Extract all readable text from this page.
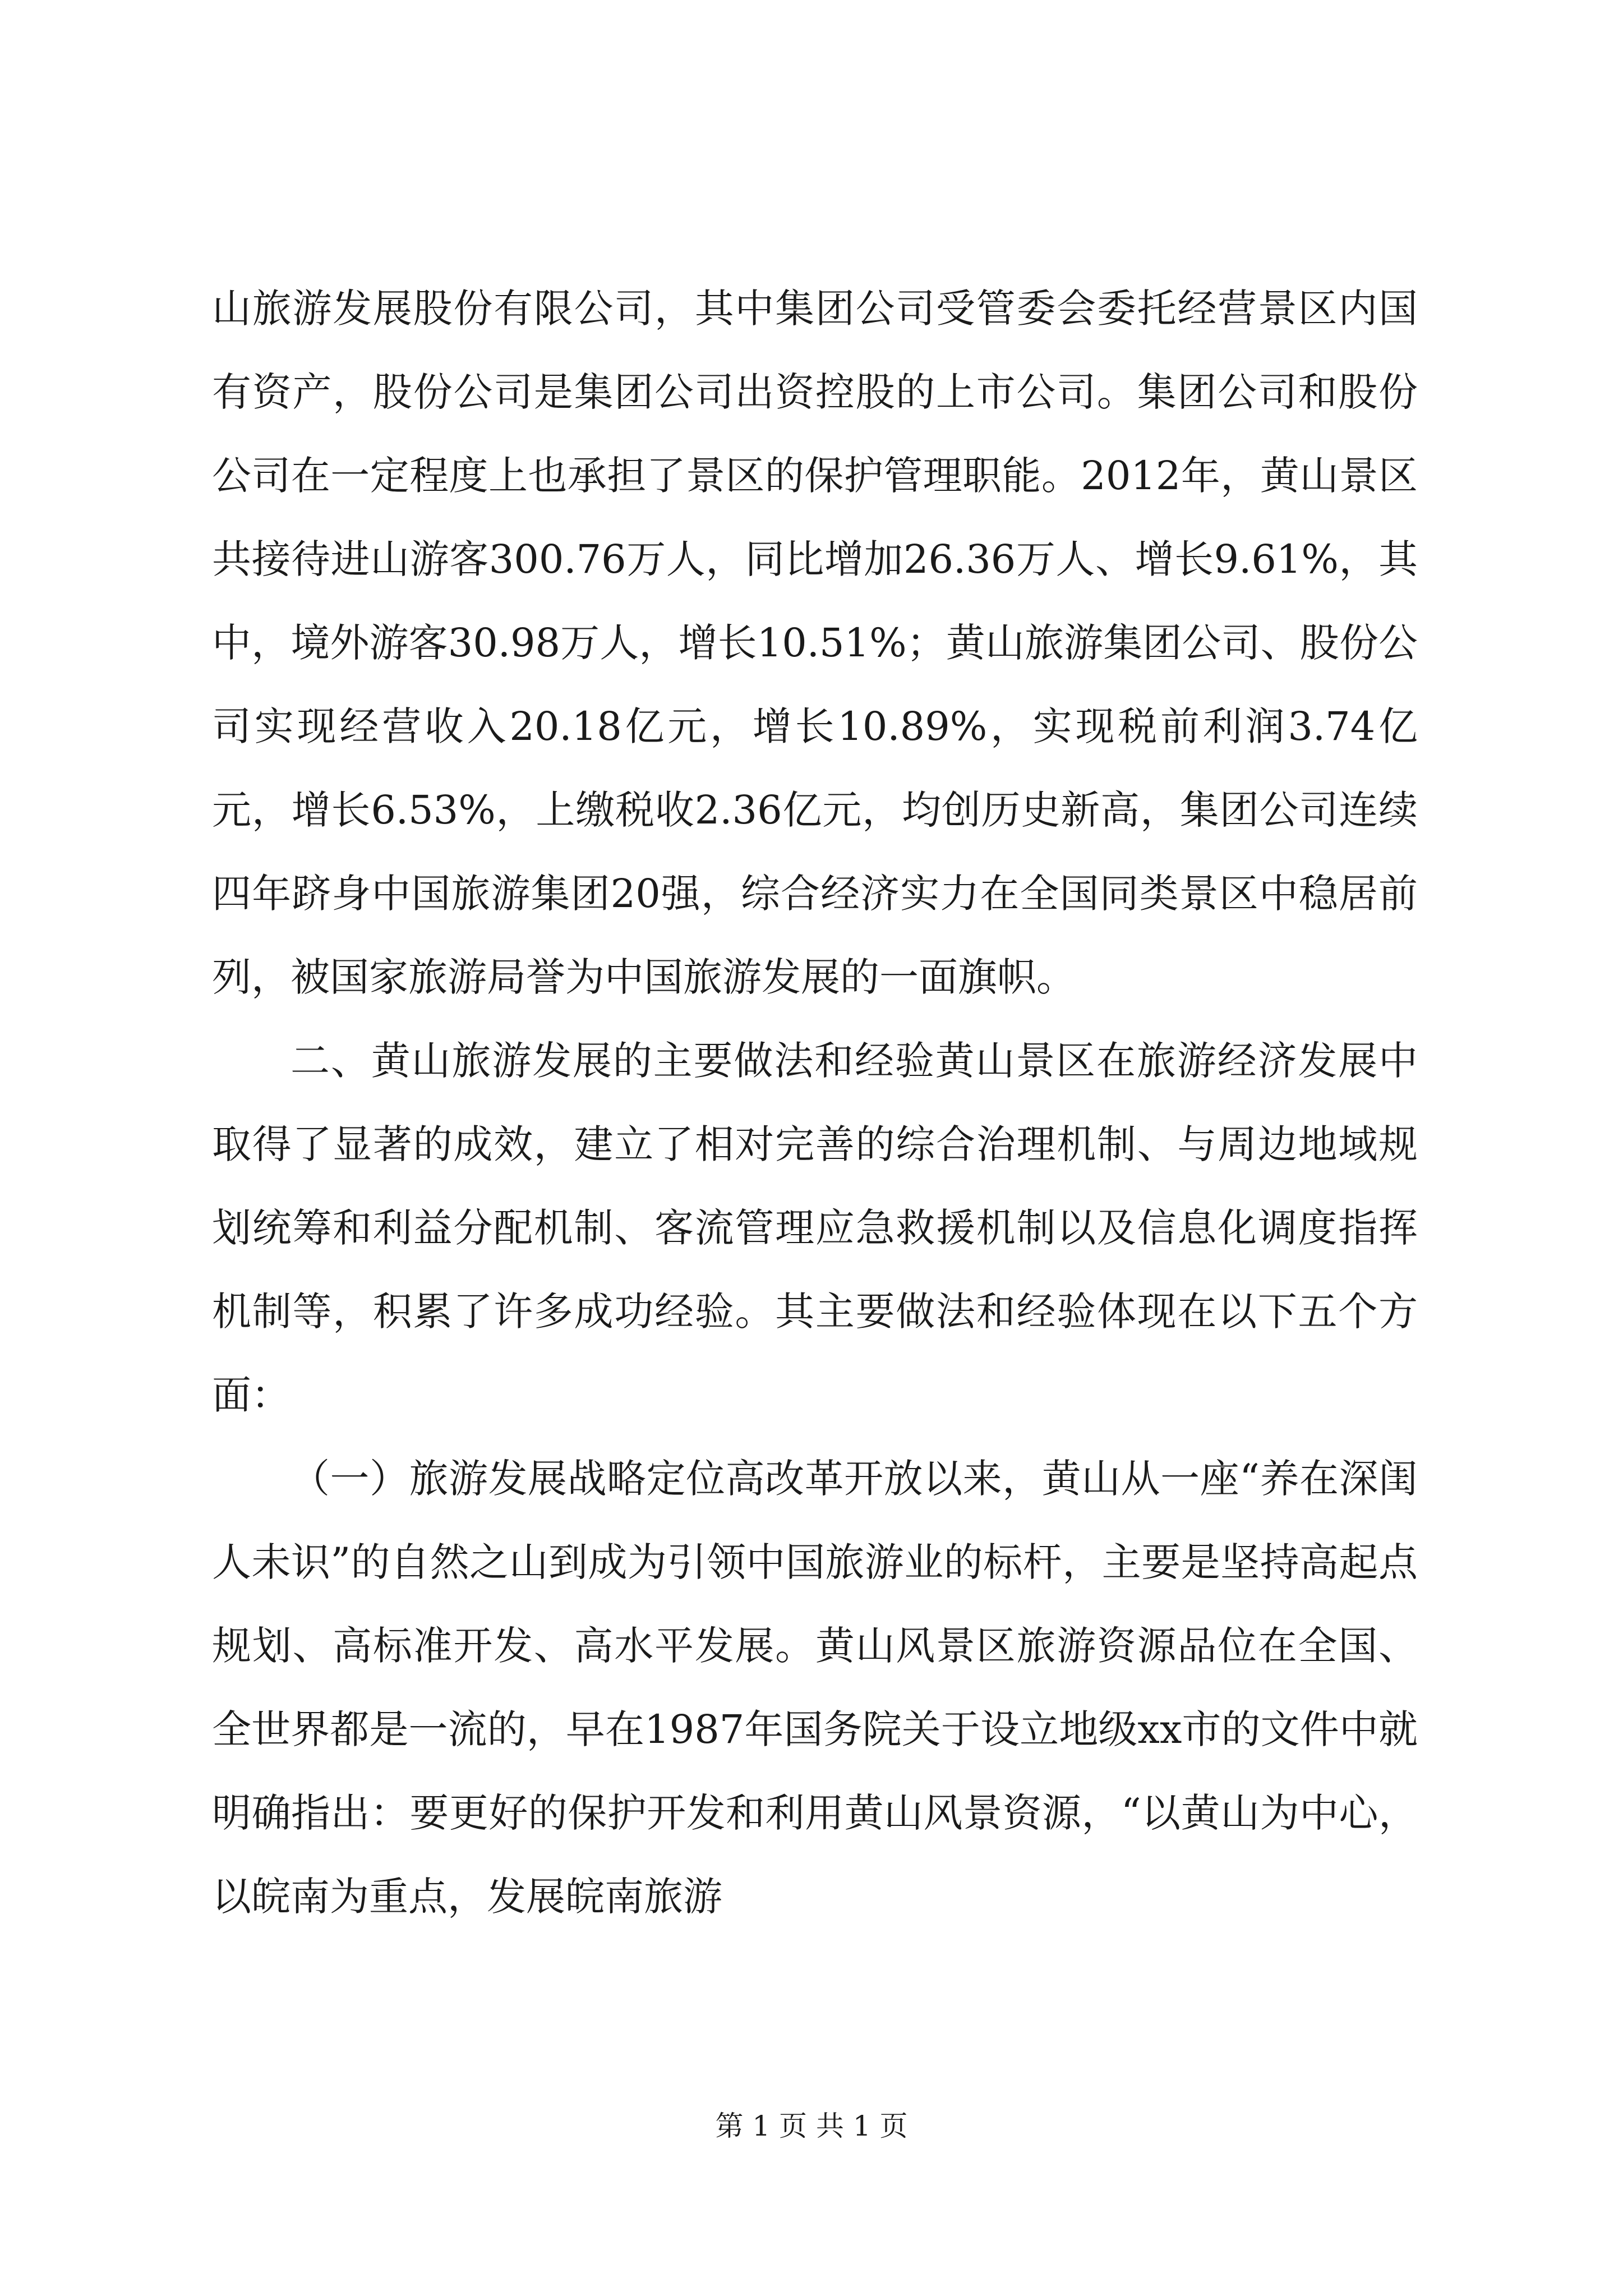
山旅游发展股份有限公司，其中集团公司受管委会委托经营景区内国有资产，股份公司是集团公司出资控股的上市公司。集团公司和股份公司在一定程度上也承担了景区的保护管理职能。2012年，黄山景区共接待进山游客300.76万人，同比增加26.36万人、增长9.61%，其中，境外游客30.98万人，增长10.51%；黄山旅游集团公司、股份公司实现经营收入20.18亿元，增长10.89%，实现税前利润3.74亿元，增长6.53%，上缴税收2.36亿元，均创历史新高，集团公司连续四年跻身中国旅游集团20强，综合经济实力在全国同类景区中稳居前列，被国家旅游局誉为中国旅游发展的一面旗帜。

二、黄山旅游发展的主要做法和经验黄山景区在旅游经济发展中取得了显著的成效，建立了相对完善的综合治理机制、与周边地域规划统筹和利益分配机制、客流管理应急救援机制以及信息化调度指挥机制等，积累了许多成功经验。其主要做法和经验体现在以下五个方面：

（一）旅游发展战略定位高改革开放以来，黄山从一座“养在深闺人未识”的自然之山到成为引领中国旅游业的标杆，主要是坚持高起点规划、高标准开发、高水平发展。黄山风景区旅游资源品位在全国、全世界都是一流的，早在1987年国务院关于设立地级xx市的文件中就明确指出：要更好的保护开发和利用黄山风景资源，“以黄山为中心，以皖南为重点，发展皖南旅游

第 1 页 共 1 页
